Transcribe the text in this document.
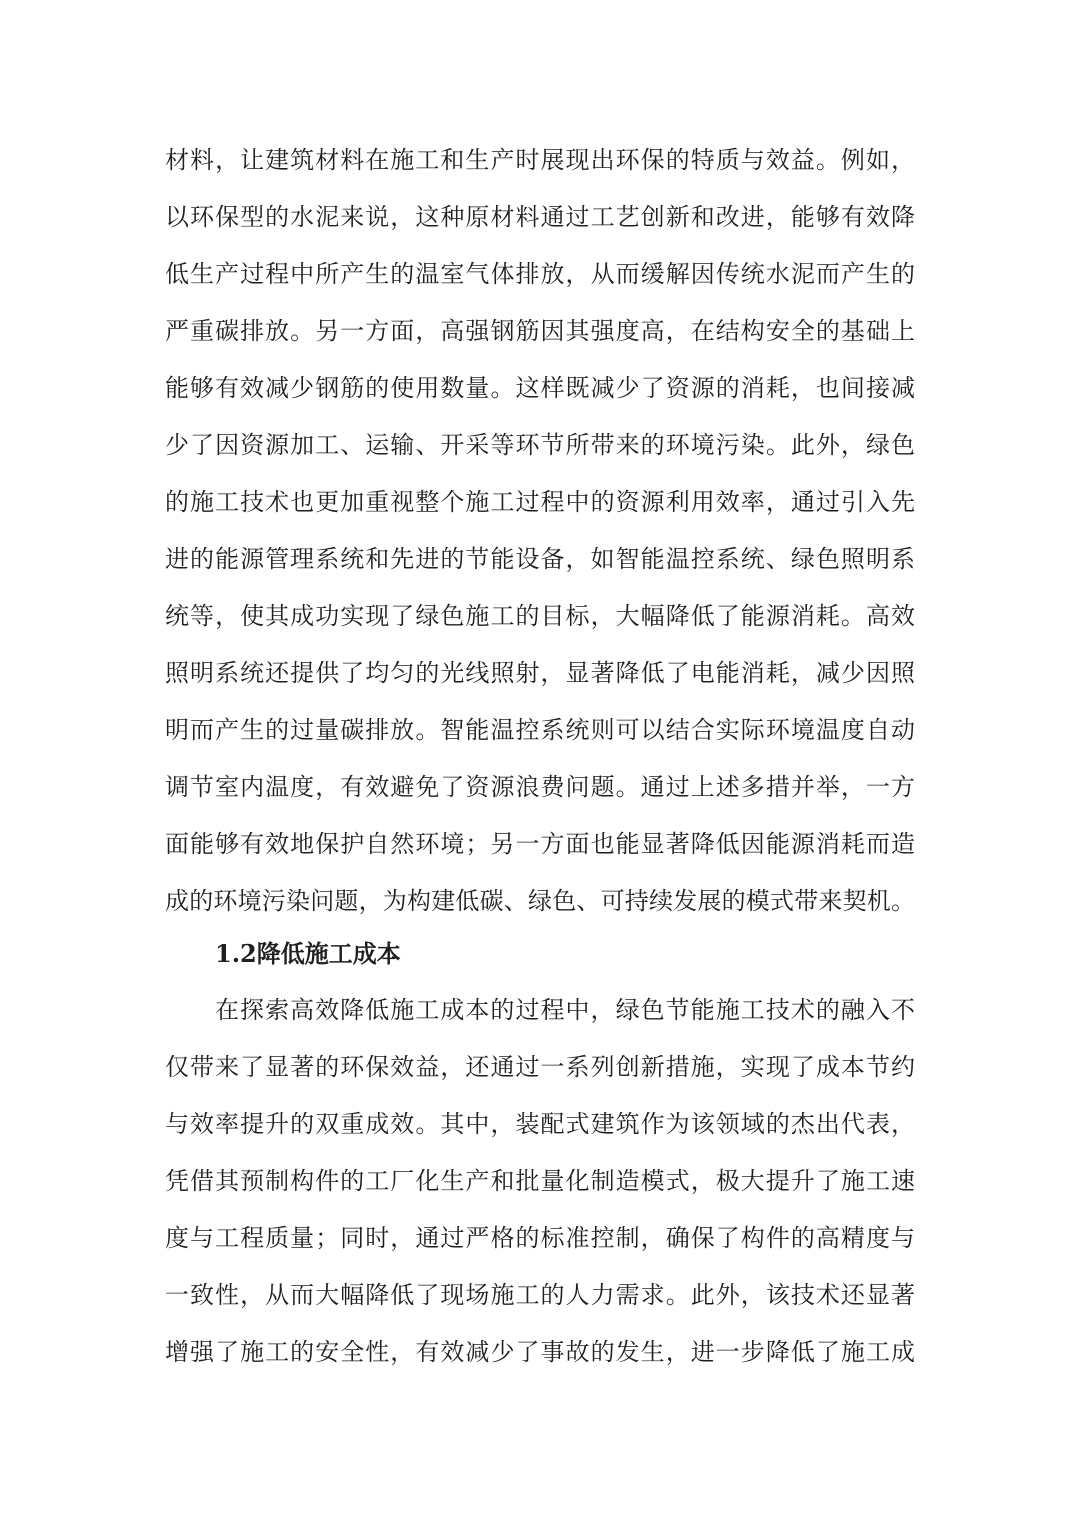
材料，让建筑材料在施工和生产时展现出环保的特质与效益。例如，
以环保型的水泥来说，这种原材料通过工艺创新和改进，能够有效降
低生产过程中所产生的温室气体排放，从而缓解因传统水泥而产生的
严重碳排放。另一方面，高强钢筋因其强度高，在结构安全的基础上
能够有效减少钢筋的使用数量。这样既减少了资源的消耗，也间接减
少了因资源加工、运输、开采等环节所带来的环境污染。此外，绿色
的施工技术也更加重视整个施工过程中的资源利用效率，通过引入先
进的能源管理系统和先进的节能设备，如智能温控系统、绿色照明系
统等，使其成功实现了绿色施工的目标，大幅降低了能源消耗。高效
照明系统还提供了均匀的光线照射，显著降低了电能消耗，减少因照
明而产生的过量碳排放。智能温控系统则可以结合实际环境温度自动
调节室内温度，有效避免了资源浪费问题。通过上述多措并举，一方
面能够有效地保护自然环境；另一方面也能显著降低因能源消耗而造
成的环境污染问题，为构建低碳、绿色、可持续发展的模式带来契机。
1.2降低施工成本
在探索高效降低施工成本的过程中，绿色节能施工技术的融入不
仅带来了显著的环保效益，还通过一系列创新措施，实现了成本节约
与效率提升的双重成效。其中，装配式建筑作为该领域的杰出代表，
凭借其预制构件的工厂化生产和批量化制造模式，极大提升了施工速
度与工程质量；同时，通过严格的标准控制，确保了构件的高精度与
一致性，从而大幅降低了现场施工的人力需求。此外，该技术还显著
增强了施工的安全性，有效减少了事故的发生，进一步降低了施工成
